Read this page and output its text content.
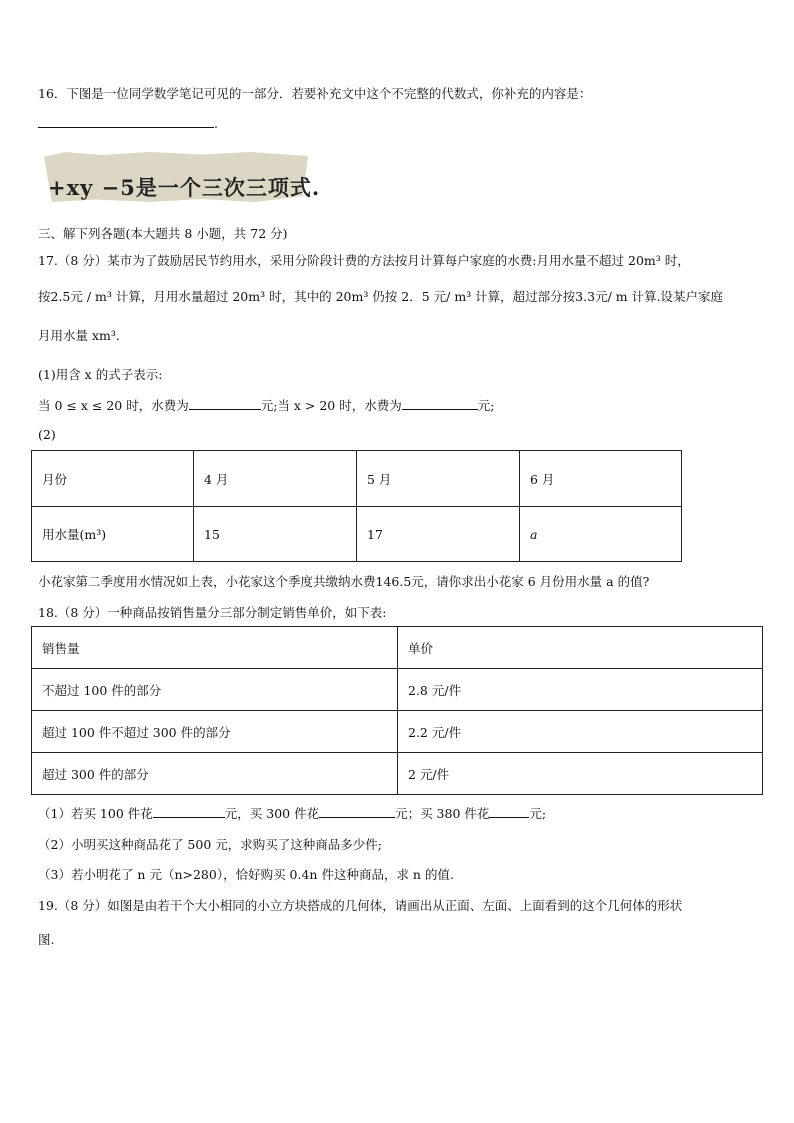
16．下图是一位同学数学笔记可见的一部分．若要补充文中这个不完整的代数式，你补充的内容是：
.
+xy −5是一个三次三项式.
三、解下列各题(本大题共 8 小题，共 72 分)
17.（8 分）某市为了鼓励居民节约用水，采用分阶段计费的方法按月计算每户家庭的水费:月用水量不超过 20m³ 时，
按2.5元 / m³ 计算，月用水量超过 20m³ 时，其中的 20m³ 仍按 2．5 元/ m³ 计算，超过部分按3.3元/ m 计算.设某户家庭
月用水量 xm³．
(1)用含 x 的式子表示:
当 0 ≤ x ≤ 20 时，水费为	元;当 x > 20 时，水费为	元;
(2)
月份	4 月	5 月	6 月
用水量(m³)	15	17	a
小花家第二季度用水情况如上表，小花家这个季度共缴纳水费146.5元，请你求出小花家 6 月份用水量 a 的值?
18.（8 分）一种商品按销售量分三部分制定销售单价，如下表:
销售量	单价
不超过 100 件的部分	2.8 元/件
超过 100 件不超过 300 件的部分	2.2 元/件
超过 300 件的部分	2 元/件
（1）若买 100 件花	元，买 300 件花	元；买 380 件花	元;
（2）小明买这种商品花了 500 元，求购买了这种商品多少件;
（3）若小明花了 n 元（n>280），恰好购买 0.4n 件这种商品，求 n 的值.
19.（8 分）如图是由若干个大小相同的小立方块搭成的几何体，请画出从正面、左面、上面看到的这个几何体的形状
图.
